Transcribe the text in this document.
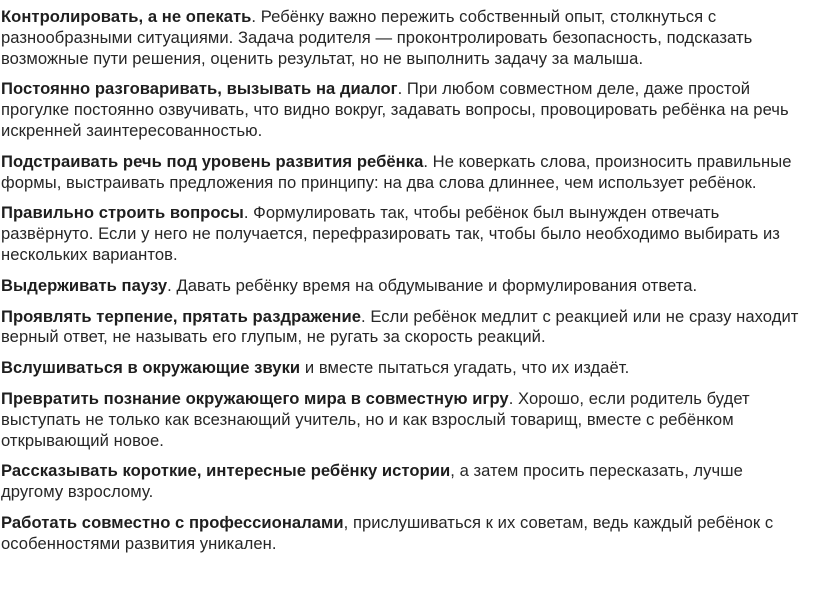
Контролировать, а не опекать. Ребёнку важно пережить собственный опыт, столкнуться с разнообразными ситуациями. Задача родителя — проконтролировать безопасность, подсказать возможные пути решения, оценить результат, но не выполнить задачу за малыша.

Постоянно разговаривать, вызывать на диалог. При любом совместном деле, даже простой прогулке постоянно озвучивать, что видно вокруг, задавать вопросы, провоцировать ребёнка на речь искренней заинтересованностью.

Подстраивать речь под уровень развития ребёнка. Не коверкать слова, произносить правильные формы, выстраивать предложения по принципу: на два слова длиннее, чем использует ребёнок.

Правильно строить вопросы. Формулировать так, чтобы ребёнок был вынужден отвечать развёрнуто. Если у него не получается, перефразировать так, чтобы было необходимо выбирать из нескольких вариантов.

Выдерживать паузу. Давать ребёнку время на обдумывание и формулирования ответа.

Проявлять терпение, прятать раздражение. Если ребёнок медлит с реакцией или не сразу находит верный ответ, не называть его глупым, не ругать за скорость реакций.

Вслушиваться в окружающие звуки и вместе пытаться угадать, что их издаёт.

Превратить познание окружающего мира в совместную игру. Хорошо, если родитель будет выступать не только как всезнающий учитель, но и как взрослый товарищ, вместе с ребёнком открывающий новое.

Рассказывать короткие, интересные ребёнку истории, а затем просить пересказать, лучше другому взрослому.

Работать совместно с профессионалами, прислушиваться к их советам, ведь каждый ребёнок с особенностями развития уникален.
